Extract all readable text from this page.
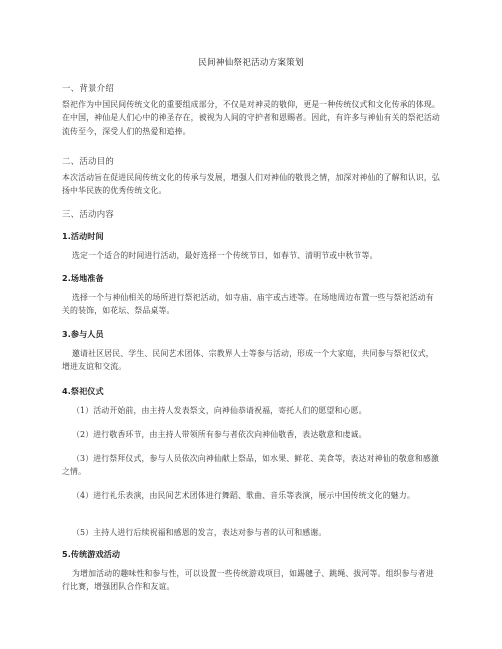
民间神仙祭祀活动方案策划
一、背景介绍
祭祀作为中国民间传统文化的重要组成部分，不仅是对神灵的敬仰，更是一种传统仪式和文化传承的体现。在中国，神仙是人们心中的神圣存在，被视为人间的守护者和恩赐者。因此，有许多与神仙有关的祭祀活动流传至今，深受人们的热爱和追捧。
二、活动目的
本次活动旨在促进民间传统文化的传承与发展，增强人们对神仙的敬畏之情，加深对神仙的了解和认识，弘扬中华民族的优秀传统文化。
三、活动内容
1.活动时间
选定一个适合的时间进行活动，最好选择一个传统节日，如春节、清明节或中秋节等。
2.场地准备
选择一个与神仙相关的场所进行祭祀活动，如寺庙、庙宇或古迹等。在场地周边布置一些与祭祀活动有关的装饰，如花坛、祭品桌等。
3.参与人员
邀请社区居民、学生、民间艺术团体、宗教界人士等参与活动，形成一个大家庭，共同参与祭祀仪式，增进友谊和交流。
4.祭祀仪式
（1）活动开始前，由主持人发表祭文，向神仙恭请祝福，寄托人们的愿望和心愿。
（2）进行敬香环节，由主持人带领所有参与者依次向神仙敬香，表达敬意和虔诚。
（3）进行祭拜仪式，参与人员依次向神仙献上祭品，如水果、鲜花、美食等，表达对神仙的敬意和感激之情。
（4）进行礼乐表演，由民间艺术团体进行舞蹈、歌曲、音乐等表演，展示中国传统文化的魅力。
（5）主持人进行后续祝福和感恩的发言，表达对参与者的认可和感谢。
5.传统游戏活动
为增加活动的趣味性和参与性，可以设置一些传统游戏项目，如踢毽子、跳绳、拔河等。组织参与者进行比赛，增强团队合作和友谊。
